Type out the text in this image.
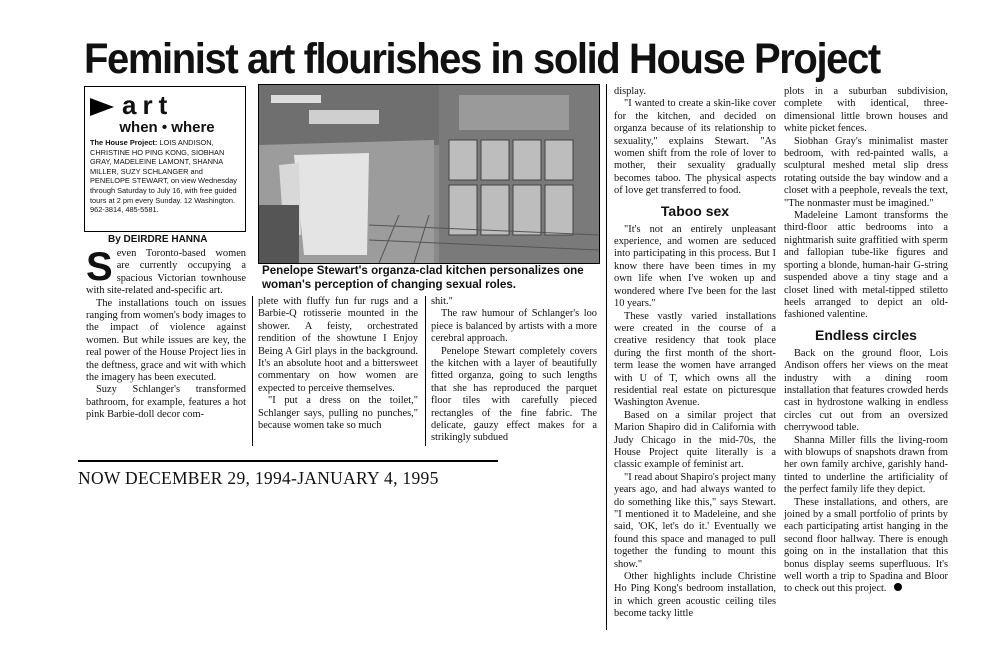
Feminist art flourishes in solid House Project
art
when • where
The House Project: LOIS ANDISON, CHRISTINE HO PING KONG, SIOBHAN GRAY, MADELEINE LAMONT, SHANNA MILLER, SUZY SCHLANGER and PENELOPE STEWART, on view Wednesday through Saturday to July 16, with free guided tours at 2 pm every Sunday. 12 Washington. 962-3814, 485-5581.
Penelope Stewart's organza-clad kitchen personalizes one woman's perception of changing sexual roles.
By DEIRDRE HANNA

Seven Toronto-based women are currently occupying a spacious Victorian townhouse with site-related and-specific art.

The installations touch on issues ranging from women's body images to the impact of violence against women. But while issues are key, the real power of the House Project lies in the deftness, grace and wit with which the imagery has been executed.

Suzy Schlanger's transformed bathroom, for example, features a hot pink Barbie-doll decor com-

plete with fluffy fun fur rugs and a Barbie-Q rotisserie mounted in the shower. A feisty, orchestrated rendition of the showtune I Enjoy Being A Girl plays in the background. It's an absolute hoot and a bittersweet commentary on how women are expected to perceive themselves.

"I put a dress on the toilet," Schlanger says, pulling no punches," because women take so much

shit."

The raw humour of Schlanger's loo piece is balanced by artists with a more cerebral approach.

Penelope Stewart completely covers the kitchen with a layer of beautifully fitted organza, going to such lengths that she has reproduced the parquet floor tiles with carefully pieced rectangles of the fine fabric. The delicate, gauzy effect makes for a strikingly subdued

display.

"I wanted to create a skin-like cover for the kitchen, and decided on organza because of its relationship to sexuality," explains Stewart. "As women shift from the role of lover to mother, their sexuality gradually becomes taboo. The physical aspects of love get transferred to food.

Taboo sex

"It's not an entirely unpleasant experience, and women are seduced into participating in this process. But I know there have been times in my own life when I've woken up and wondered where I've been for the last 10 years."

These vastly varied installations were created in the course of a creative residency that took place during the first month of the short-term lease the women have arranged with U of T, which owns all the residential real estate on picturesque Washington Avenue.

Based on a similar project that Marion Shapiro did in California with Judy Chicago in the mid-70s, the House Project quite literally is a classic example of feminist art.

"I read about Shapiro's project many years ago, and had always wanted to do something like this," says Stewart. "I mentioned it to Madeleine, and she said, 'OK, let's do it.' Eventually we found this space and managed to pull together the funding to mount this show."

Other highlights include Christine Ho Ping Kong's bedroom installation, in which green acoustic ceiling tiles become tacky little

plots in a suburban subdivision, complete with identical, three-dimensional little brown houses and white picket fences.

Siobhan Gray's minimalist master bedroom, with red-painted walls, a sculptural meshed metal slip dress rotating outside the bay window and a closet with a peephole, reveals the text, "The nonmaster must be imagined."

Madeleine Lamont transforms the third-floor attic bedrooms into a nightmarish suite graffitied with sperm and fallopian tube-like figures and sporting a blonde, human-hair G-string suspended above a tiny stage and a closet lined with metal-tipped stiletto heels arranged to depict an old-fashioned valentine.

Endless circles

Back on the ground floor, Lois Andison offers her views on the meat industry with a dining room installation that features crowded herds cast in hydrostone walking in endless circles cut out from an oversized cherrywood table.

Shanna Miller fills the living-room with blowups of snapshots drawn from her own family archive, garishly hand-tinted to underline the artificiality of the perfect family life they depict.

These installations, and others, are joined by a small portfolio of prints by each participating artist hanging in the second floor hallway. There is enough going on in the installation that this bonus display seems superfluous. It's well worth a trip to Spadina and Bloor to check out this project.

NOW DECEMBER 29, 1994-JANUARY 4, 1995
